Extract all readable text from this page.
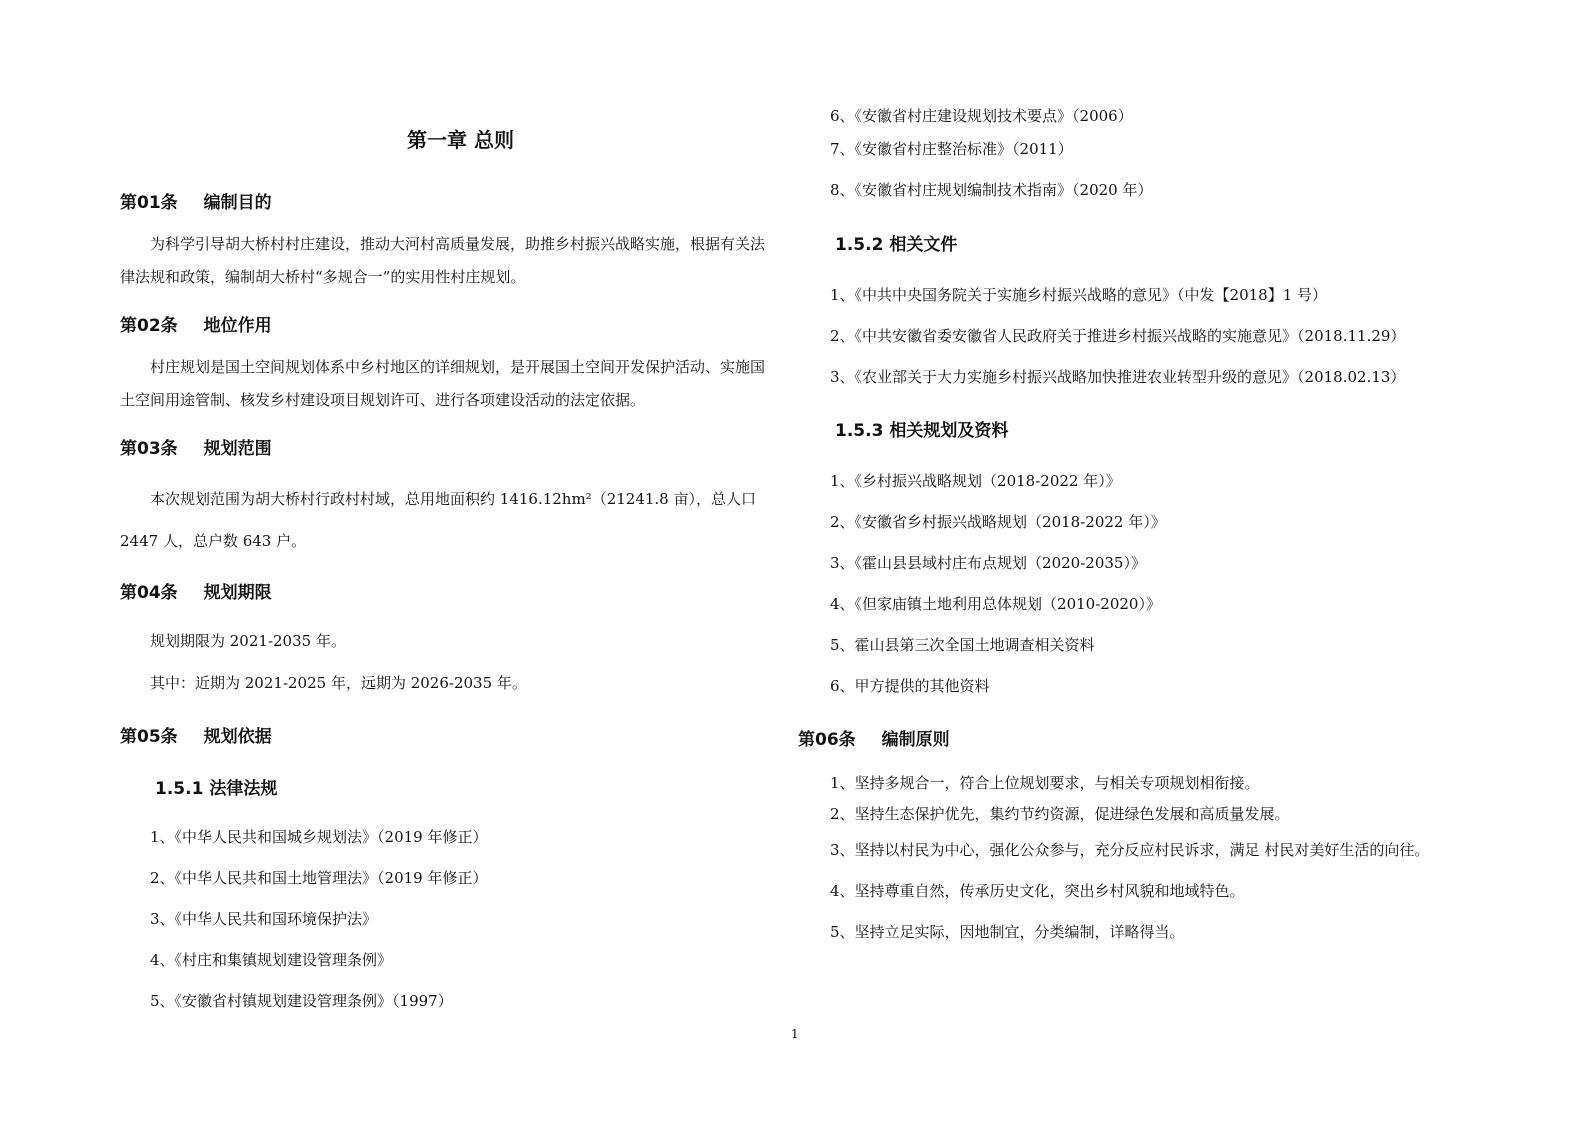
第一章 总则
第01条 编制目的
为科学引导胡大桥村村庄建设，推动大河村高质量发展，助推乡村振兴战略实施，根据有关法律法规和政策，编制胡大桥村“多规合一”的实用性村庄规划。
第02条 地位作用
村庄规划是国土空间规划体系中乡村地区的详细规划，是开展国土空间开发保护活动、实施国土空间用途管制、核发乡村建设项目规划许可、进行各项建设活动的法定依据。
第03条 规划范围
本次规划范围为胡大桥村行政村村域，总用地面积约 1416.12hm²（21241.8 亩），总人口 2447 人，总户数 643 户。
第04条 规划期限
规划期限为 2021-2035 年。
其中：近期为 2021-2025 年，远期为 2026-2035 年。
第05条 规划依据
1.5.1 法律法规
1、《中华人民共和国城乡规划法》（2019 年修正）
2、《中华人民共和国土地管理法》（2019 年修正）
3、《中华人民共和国环境保护法》
4、《村庄和集镇规划建设管理条例》
5、《安徽省村镇规划建设管理条例》（1997）
6、《安徽省村庄建设规划技术要点》（2006）
7、《安徽省村庄整治标准》（2011）
8、《安徽省村庄规划编制技术指南》（2020 年）
1.5.2 相关文件
1、《中共中央国务院关于实施乡村振兴战略的意见》（中发【2018】1 号）
2、《中共安徽省委安徽省人民政府关于推进乡村振兴战略的实施意见》（2018.11.29）
3、《农业部关于大力实施乡村振兴战略加快推进农业转型升级的意见》（2018.02.13）
1.5.3 相关规划及资料
1、《乡村振兴战略规划（2018-2022 年）》
2、《安徽省乡村振兴战略规划（2018-2022 年）》
3、《霍山县县域村庄布点规划（2020-2035）》
4、《但家庙镇土地利用总体规划（2010-2020）》
5、霍山县第三次全国土地调查相关资料
6、甲方提供的其他资料
第06条 编制原则
1、坚持多规合一，符合上位规划要求，与相关专项规划相衔接。
2、坚持生态保护优先，集约节约资源，促进绿色发展和高质量发展。
3、坚持以村民为中心，强化公众参与，充分反应村民诉求，满足 村民对美好生活的向往。
4、坚持尊重自然，传承历史文化，突出乡村风貌和地域特色。
5、坚持立足实际，因地制宜，分类编制，详略得当。
1
